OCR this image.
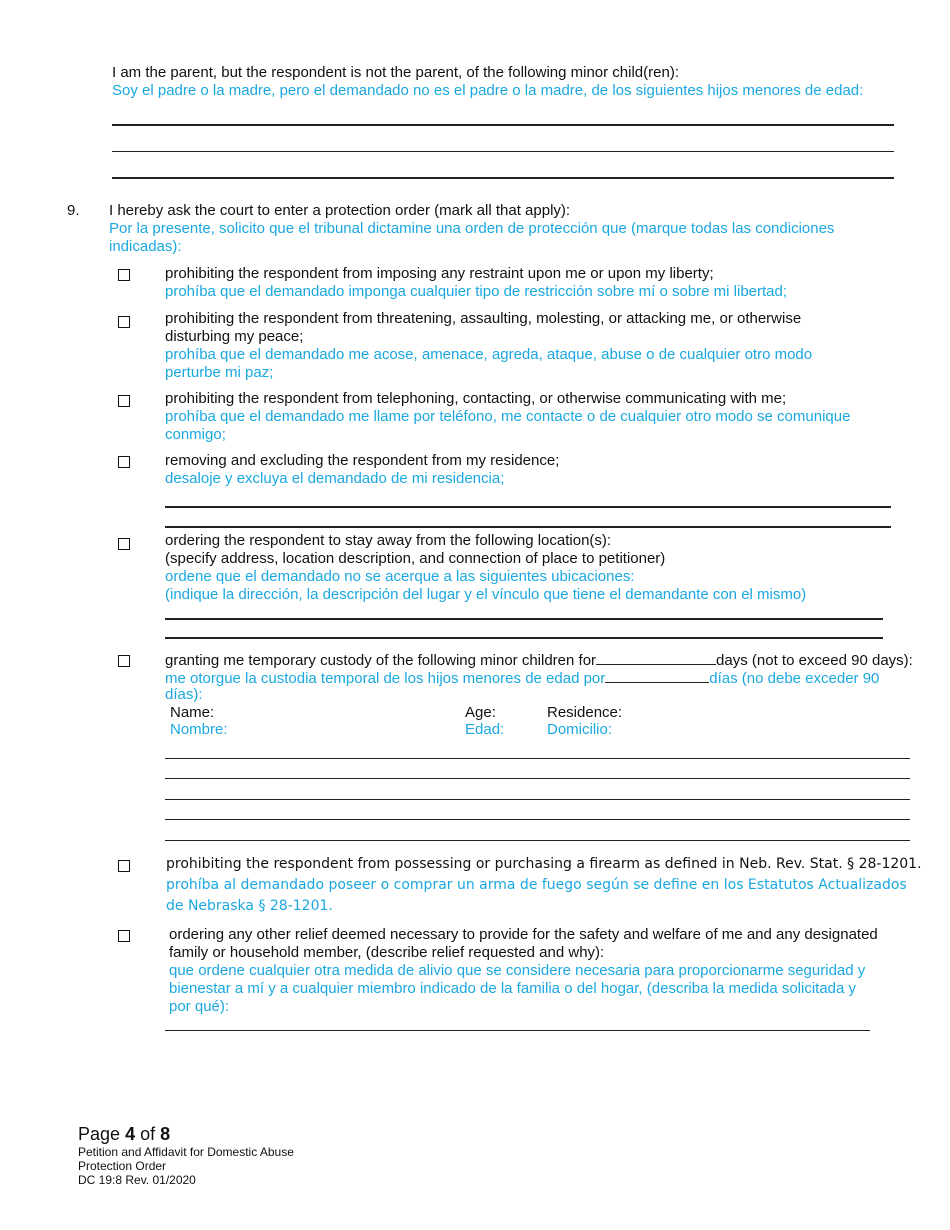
I am the parent, but the respondent is not the parent, of the following minor child(ren):
Soy el padre o la madre, pero el demandado no es el padre o la madre, de los siguientes hijos menores de edad:
9. I hereby ask the court to enter a protection order (mark all that apply):
Por la presente, solicito que el tribunal dictamine una orden de protección que (marque todas las condiciones
indicadas):
prohibiting the respondent from imposing any restraint upon me or upon my liberty;
prohíba que el demandado imponga cualquier tipo de restricción sobre mí o sobre mi libertad;
prohibiting the respondent from threatening, assaulting, molesting, or attacking me, or otherwise
disturbing my peace;
prohíba que el demandado me acose, amenace, agreda, ataque, abuse o de cualquier otro modo
perturbe mi paz;
prohibiting the respondent from telephoning, contacting, or otherwise communicating with me;
prohíba que el demandado me llame por teléfono, me contacte o de cualquier otro modo se comunique
conmigo;
removing and excluding the respondent from my residence;
desaloje y excluya el demandado de mi residencia;
ordering the respondent to stay away from the following location(s):
(specify address, location description, and connection of place to petitioner)
ordene que el demandado no se acerque a las siguientes ubicaciones:
(indique la dirección, la descripción del lugar y el vínculo que tiene el demandante con el mismo)
granting me temporary custody of the following minor children for	days (not to exceed 90 days):
me otorgue la custodia temporal de los hijos menores de edad por	días (no debe exceder 90
días):
Name:	Age:	Residence:
Nombre:	Edad:	Domicilio:
prohibiting the respondent from possessing or purchasing a firearm as defined in Neb. Rev. Stat. § 28-1201.
prohíba al demandado poseer o comprar un arma de fuego según se define en los Estatutos Actualizados
de Nebraska § 28-1201.
ordering any other relief deemed necessary to provide for the safety and welfare of me and any designated
family or household member, (describe relief requested and why):
que ordene cualquier otra medida de alivio que se considere necesaria para proporcionarme seguridad y
bienestar a mí y a cualquier miembro indicado de la familia o del hogar, (describa la medida solicitada y
por qué):
Page 4 of 8
Petition and Affidavit for Domestic Abuse
Protection Order
DC 19:8 Rev. 01/2020
